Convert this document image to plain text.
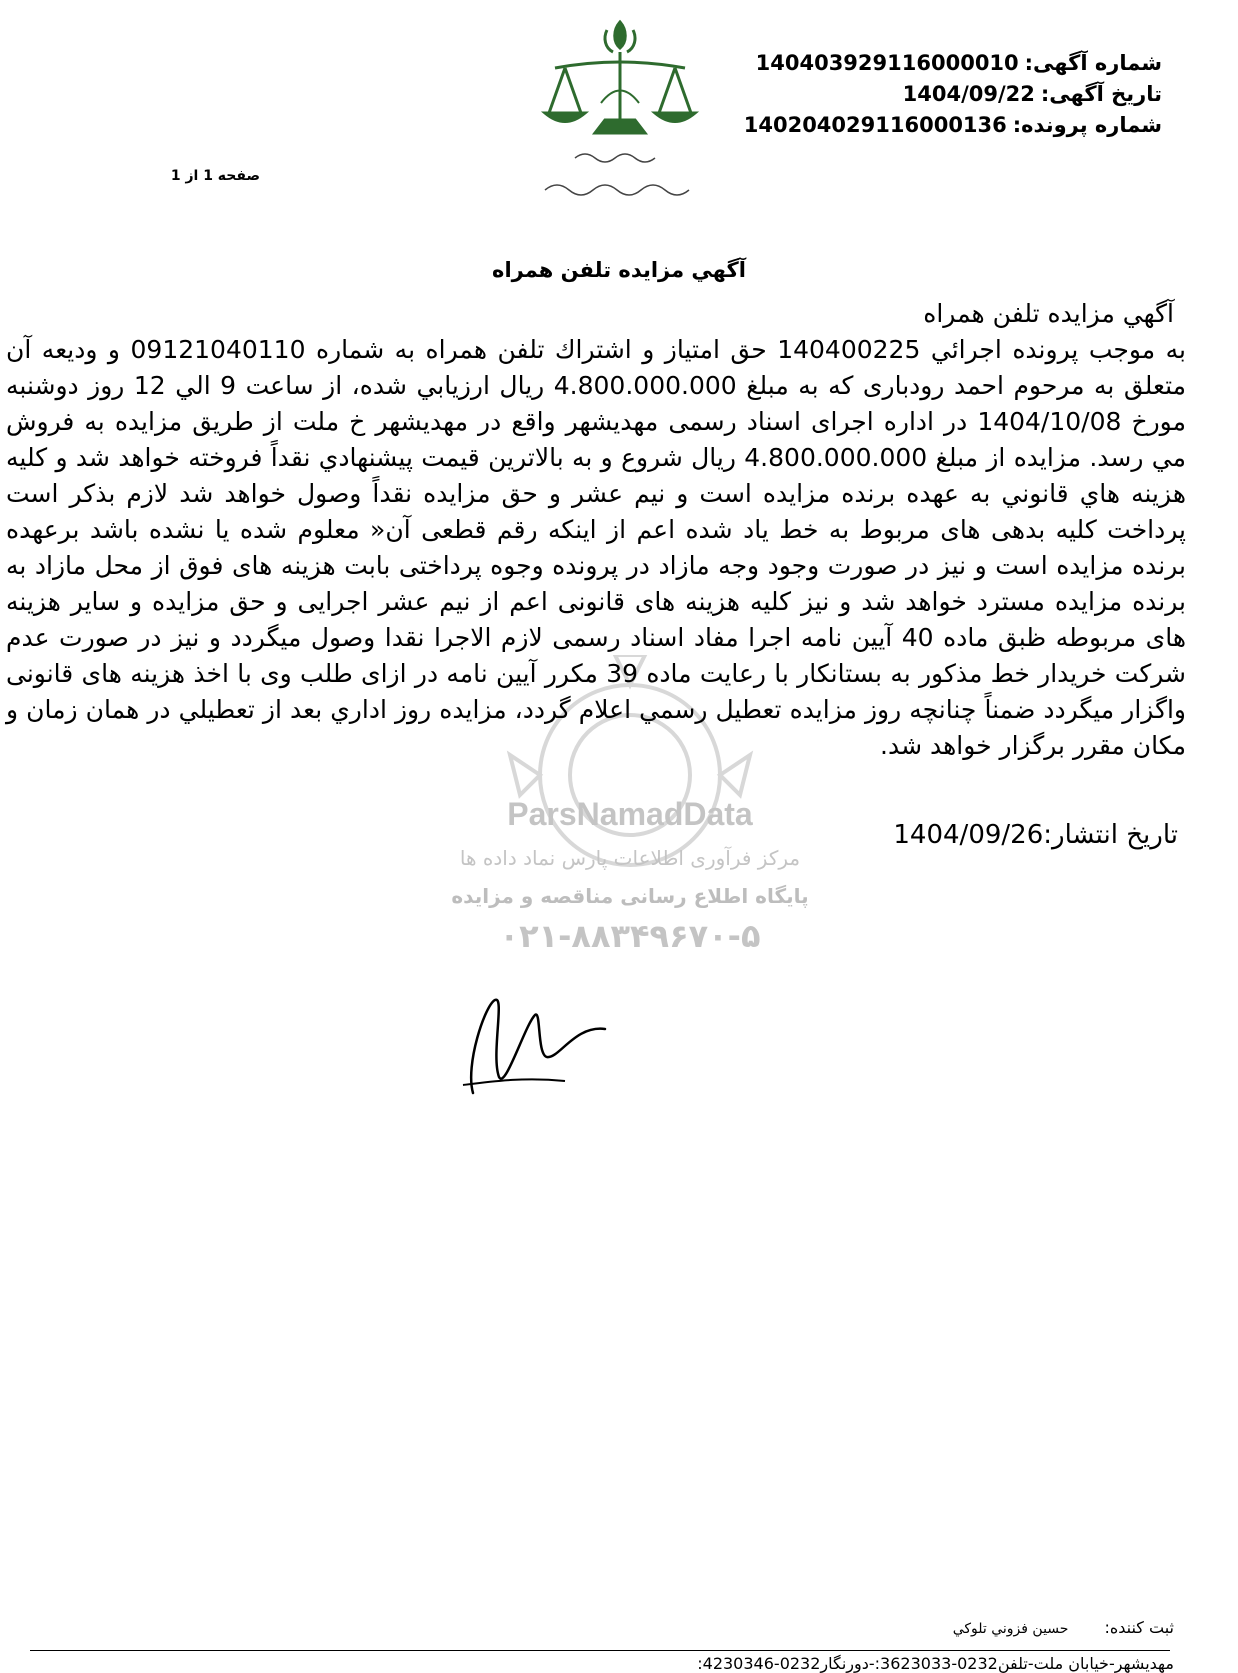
شماره آگهی:140403929116000010
تاریخ آگهی:1404/09/22
شماره پرونده:140204029116000136
صفحه 1 از 1
آگهي مزايده تلفن همراه
ParsNamadData
مرکز فرآوری اطلاعات پارس نماد داده ها
پایگاه اطلاع رسانی مناقصه و مزایده
۰۲۱-۸۸۳۴۹۶۷۰-۵

آگهي مزايده تلفن همراه

به موجب پرونده اجرائي 140400225 حق امتياز و اشتراك تلفن همراه به شماره 09121040110 و وديعه آن متعلق به مرحوم احمد رودباری که به مبلغ 4.800.000.000 ريال ارزيابي شده، از ساعت 9 الي 12 روز دوشنبه مورخ 1404/10/08 در اداره اجرای اسناد رسمی مهدیشهر واقع در مهدیشهر خ ملت از طريق مزايده به فروش مي رسد. مزايده از مبلغ 4.800.000.000 ريال شروع و به بالاترين قيمت پيشنهادي نقداً فروخته خواهد شد و كليه هزينه هاي قانوني به عهده برنده مزايده است و نيم عشر و حق مزايده نقداً وصول خواهد شد لازم بذكر است پرداخت کلیه بدهی های مربوط به خط یاد شده اعم از اینکه رقم قطعی آن« معلوم شده یا نشده باشد برعهده برنده مزایده است و نیز در صورت وجود وجه مازاد در پرونده وجوه پرداختی بابت هزینه های فوق از محل مازاد به برنده مزایده مسترد خواهد شد و نیز کلیه هزینه های قانونی اعم از نیم عشر اجرایی و حق مزایده و سایر هزینه های مربوطه ظبق ماده 40 آیین نامه اجرا مفاد اسناد رسمی لازم الاجرا نقدا وصول میگردد و نیز در صورت عدم شرکت خریدار خط مذکور به بستانکار با رعایت ماده 39 مکرر آیین نامه در ازای طلب وی با اخذ هزینه های قانونی واگزار میگردد ضمناً چنانچه روز مزايده تعطيل رسمي اعلام گردد، مزايده روز اداري بعد از تعطيلي در همان زمان و مكان مقرر برگزار خواهد شد.

تاريخ انتشار:1404/09/26
ثبت كننده:حسين فزوني تلوكي
مهديشهر-خيابان ملت-تلفن0232-3623033:-دورنگار0232-4230346:
